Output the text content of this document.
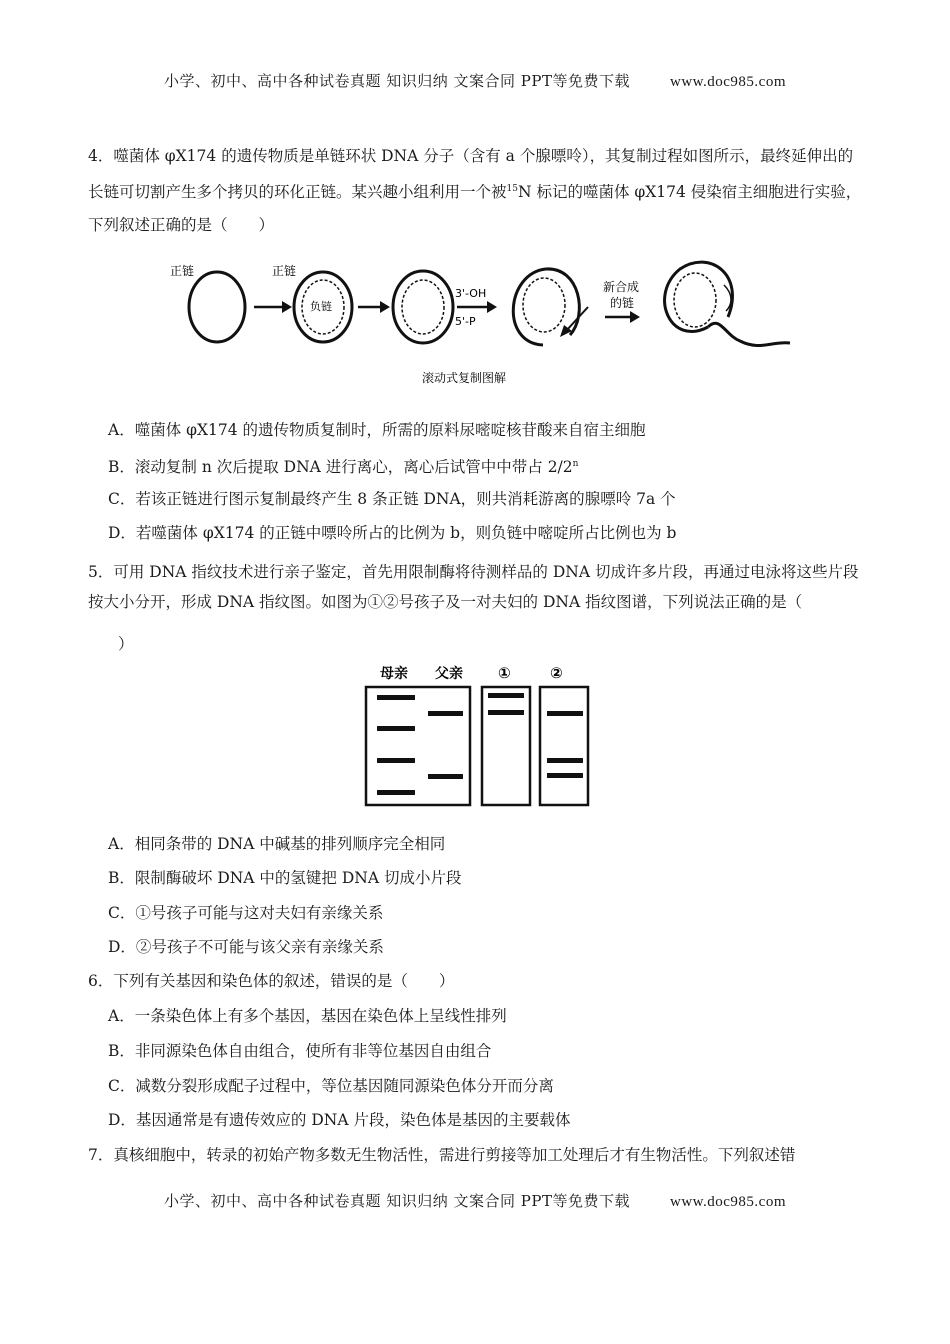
小学、初中、高中各种试卷真题 知识归纳 文案合同 PPT等免费下载	www.doc985.com
4．噬菌体 φX174 的遗传物质是单链环状 DNA 分子（含有 a 个腺嘌呤），其复制过程如图所示，最终延伸出的长链可切割产生多个拷贝的环化正链。某兴趣小组利用一个被$^{15}$N 标记的噬菌体 φX174 侵染宿主细胞进行实验，下列叙述正确的是（　　）
正链	正链
负链
3'-OH
5'-P
新合成
的链
滚动式复制图解
A．噬菌体 φX174 的遗传物质复制时，所需的原料尿嘧啶核苷酸来自宿主细胞
B．滚动复制 n 次后提取 DNA 进行离心，离心后试管中中带占 2/2$^n$
C．若该正链进行图示复制最终产生 8 条正链 DNA，则共消耗游离的腺嘌呤 7a 个
D．若噬菌体 φX174 的正链中嘌呤所占的比例为 b，则负链中嘧啶所占比例也为 b
5．可用 DNA 指纹技术进行亲子鉴定，首先用限制酶将待测样品的 DNA 切成许多片段，再通过电泳将这些片段按大小分开，形成 DNA 指纹图。如图为①②号孩子及一对夫妇的 DNA 指纹图谱，下列说法正确的是（
）
母亲 父亲 ①	②
A．相同条带的 DNA 中碱基的排列顺序完全相同
B．限制酶破坏 DNA 中的氢键把 DNA 切成小片段
C．①号孩子可能与这对夫妇有亲缘关系
D．②号孩子不可能与该父亲有亲缘关系
6．下列有关基因和染色体的叙述，错误的是（　　）
A．一条染色体上有多个基因，基因在染色体上呈线性排列
B．非同源染色体自由组合，使所有非等位基因自由组合
C．减数分裂形成配子过程中，等位基因随同源染色体分开而分离
D．基因通常是有遗传效应的 DNA 片段，染色体是基因的主要载体
7．真核细胞中，转录的初始产物多数无生物活性，需进行剪接等加工处理后才有生物活性。下列叙述错
小学、初中、高中各种试卷真题 知识归纳 文案合同 PPT等免费下载	www.doc985.com
